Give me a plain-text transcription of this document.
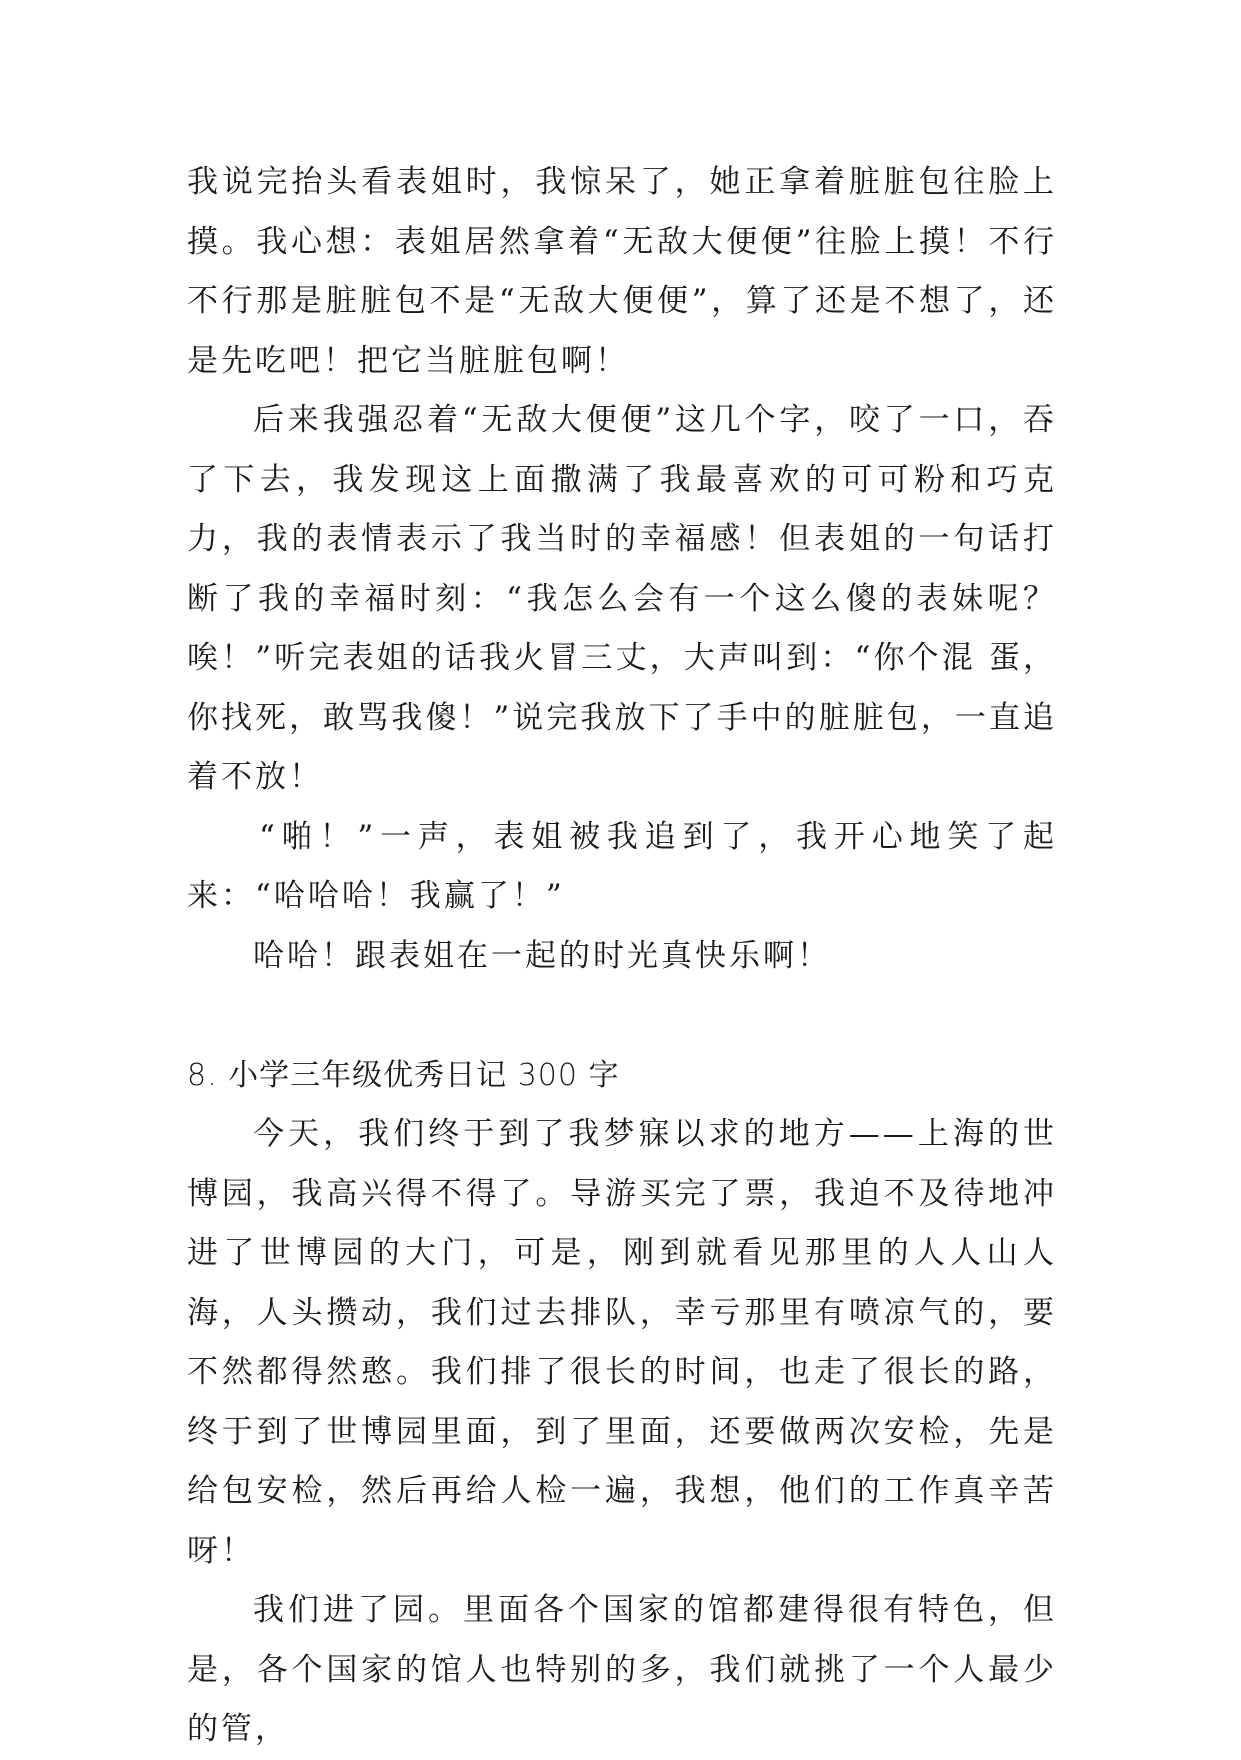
我说完抬头看表姐时，我惊呆了，她正拿着脏脏包往脸上摸。我心想：表姐居然拿着“无敌大便便”往脸上摸！不行不行那是脏脏包不是“无敌大便便”，算了还是不想了，还是先吃吧！把它当脏脏包啊！

后来我强忍着“无敌大便便”这几个字，咬了一口，吞了下去，我发现这上面撒满了我最喜欢的可可粉和巧克力，我的表情表示了我当时的幸福感！但表姐的一句话打断了我的幸福时刻：“我怎么会有一个这么傻的表妹呢？唉！”听完表姐的话我火冒三丈，大声叫到：“你个混 蛋，你找死，敢骂我傻！”说完我放下了手中的脏脏包，一直追着不放！

“啪！”一声，表姐被我追到了，我开心地笑了起来：“哈哈哈！我赢了！”

哈哈！跟表姐在一起的时光真快乐啊！

8. 小学三年级优秀日记 300 字

今天，我们终于到了我梦寐以求的地方——上海的世博园，我高兴得不得了。导游买完了票，我迫不及待地冲进了世博园的大门，可是，刚到就看见那里的人人山人海，人头攒动，我们过去排队，幸亏那里有喷凉气的，要不然都得然憨。我们排了很长的时间，也走了很长的路，终于到了世博园里面，到了里面，还要做两次安检，先是给包安检，然后再给人检一遍，我想，他们的工作真辛苦呀！

我们进了园。里面各个国家的馆都建得很有特色，但是，各个国家的馆人也特别的多，我们就挑了一个人最少的管，
